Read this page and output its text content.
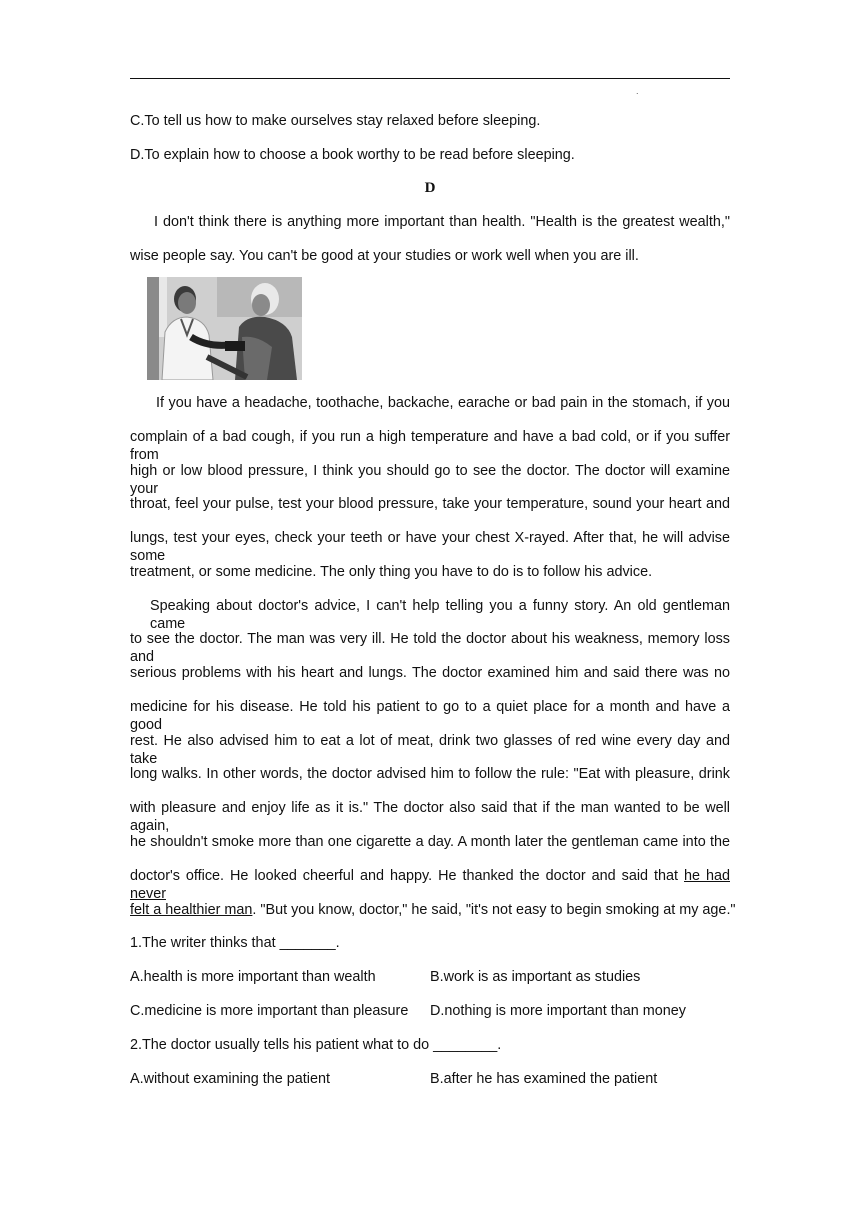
.
C.To tell us how to make ourselves stay relaxed before sleeping.
D.To explain how to choose a book worthy to be read before sleeping.
D
I don't think there is anything more important than health. "Health is the greatest wealth,"
wise people say. You can't be good at your studies or work well when you are ill.
If you have a headache, toothache, backache, earache or bad pain in the stomach, if you
complain of a bad cough, if you run a high temperature and have a bad cold, or if you suffer from
high or low blood pressure, I think you should go to see the doctor. The doctor will examine your
throat, feel your pulse, test your blood pressure, take your temperature, sound your heart and
lungs, test your eyes, check your teeth or have your chest X-rayed. After that, he will advise some
treatment, or some medicine. The only thing you have to do is to follow his advice.
Speaking about doctor's advice, I can't help telling you a funny story. An old gentleman came
to see the doctor. The man was very ill. He told the doctor about his weakness, memory loss and
serious problems with his heart and lungs. The doctor examined him and said there was no
medicine for his disease. He told his patient to go to a quiet place for a month and have a good
rest. He also advised him to eat a lot of meat, drink two glasses of red wine every day and take
long walks. In other words, the doctor advised him to follow the rule: "Eat with pleasure, drink
with pleasure and enjoy life as it is." The doctor also said that if the man wanted to be well again,
he shouldn't smoke more than one cigarette a day. A month later the gentleman came into the
doctor's office. He looked cheerful and happy. He thanked the doctor and said that he had never
felt a healthier man. "But you know, doctor," he said, "it's not easy to begin smoking at my age."
1.The writer thinks that _______.
A.health is more important than wealth	B.work is as important as studies
C.medicine is more important than pleasure D.nothing is more important than money
2.The doctor usually tells his patient what to do ________.
A.without examining the patient	B.after he has examined the patient
